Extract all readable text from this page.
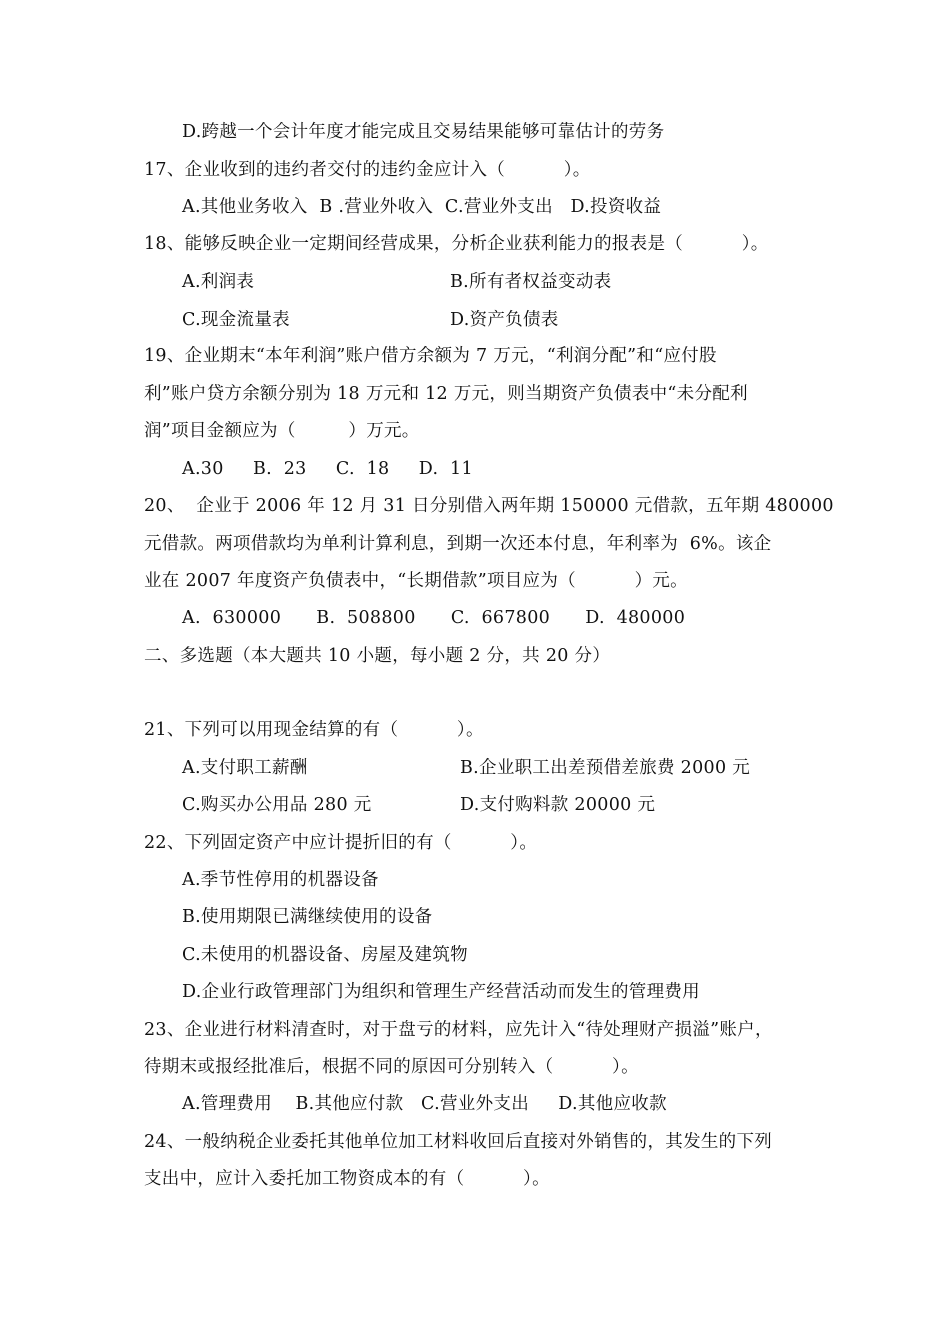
D.跨越一个会计年度才能完成且交易结果能够可靠估计的劳务
17、企业收到的违约者交付的违约金应计入（          ）。
A.其他业务收入  B .营业外收入  C.营业外支出   D.投资收益
18、能够反映企业一定期间经营成果，分析企业获利能力的报表是（          ）。
A.利润表	B.所有者权益变动表
C.现金流量表	D.资产负债表
19、企业期末“本年利润”账户借方余额为 7 万元，“利润分配”和“应付股
利”账户贷方余额分别为 18 万元和 12 万元，则当期资产负债表中“未分配利
润”项目金额应为（         ）万元。
A.30     B.  23     C.  18     D.  11
20、  企业于 2006 年 12 月 31 日分别借入两年期 150000 元借款，五年期 480000
元借款。两项借款均为单利计算利息，到期一次还本付息，年利率为  6%。该企
业在 2007 年度资产负债表中，“长期借款”项目应为（          ）元。
A.  630000      B.  508800      C.  667800      D.  480000
二、多选题（本大题共 10 小题，每小题 2 分，共 20 分）
21、下列可以用现金结算的有（          ）。
A.支付职工薪酬	B.企业职工出差预借差旅费 2000 元
C.购买办公用品 280 元	D.支付购料款 20000 元
22、下列固定资产中应计提折旧的有（          ）。
A.季节性停用的机器设备
B.使用期限已满继续使用的设备
C.未使用的机器设备、房屋及建筑物
D.企业行政管理部门为组织和管理生产经营活动而发生的管理费用
23、企业进行材料清查时，对于盘亏的材料，应先计入“待处理财产损溢”账户，
待期末或报经批准后，根据不同的原因可分别转入（          ）。
A.管理费用    B.其他应付款   C.营业外支出     D.其他应收款
24、一般纳税企业委托其他单位加工材料收回后直接对外销售的，其发生的下列
支出中，应计入委托加工物资成本的有（          ）。
